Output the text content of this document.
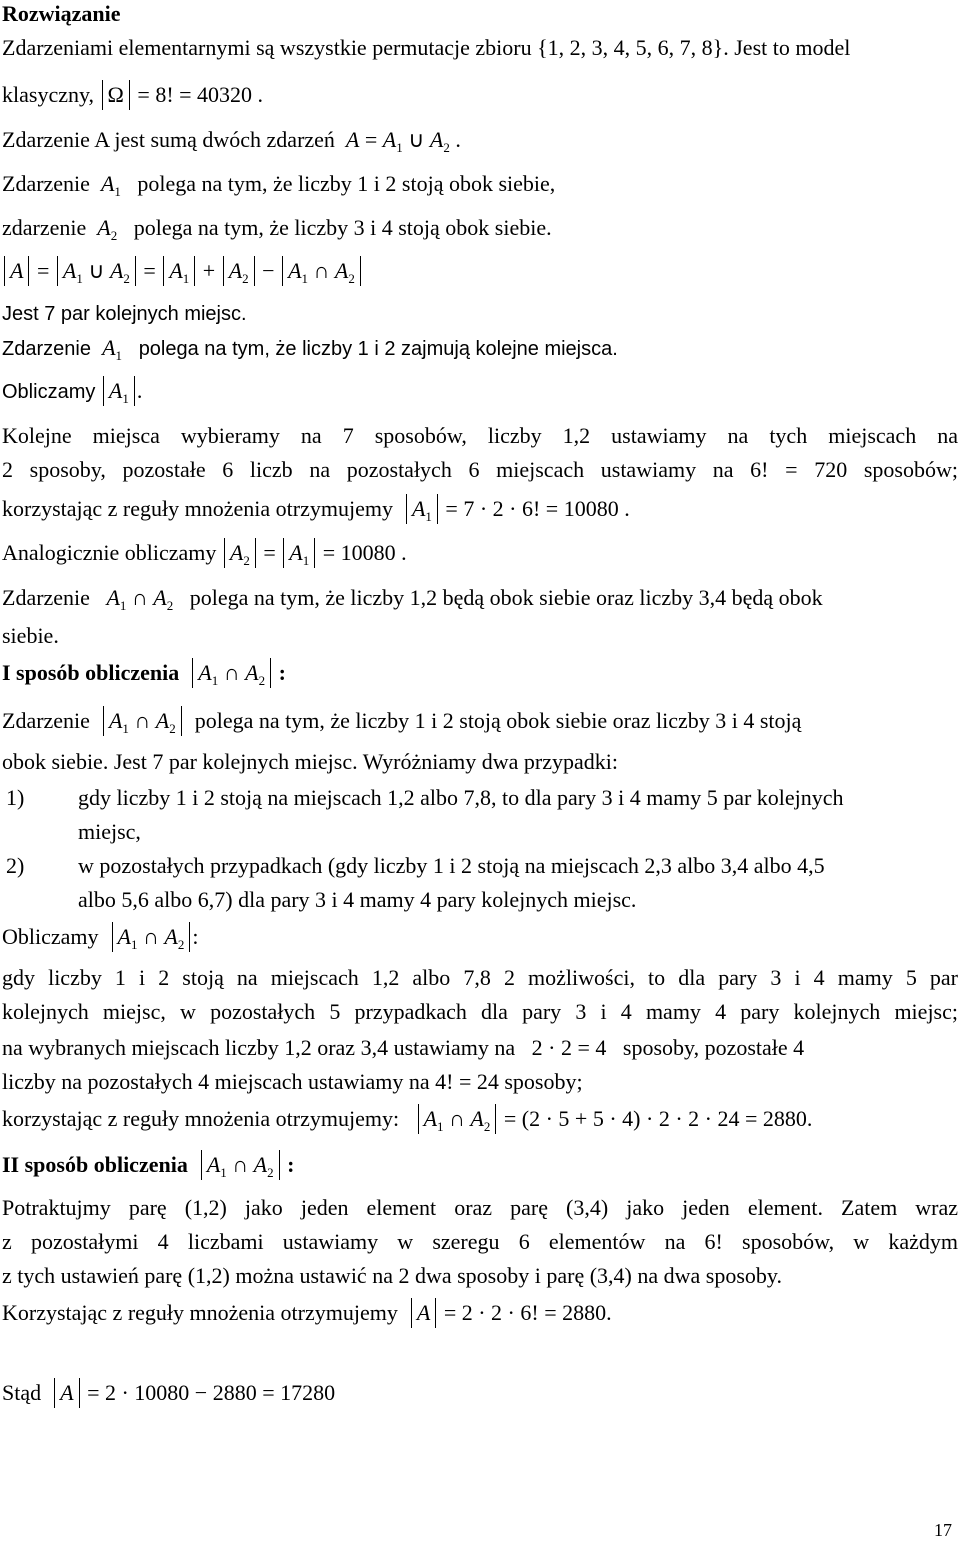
Rozwiązanie
Zdarzeniami elementarnymi są wszystkie permutacje zbioru {1, 2, 3, 4, 5, 6, 7, 8}. Jest to model
klasyczny, Ω = 8! = 40320 .
Zdarzenie A jest sumą dwóch zdarzeń $A = A_1$ ∪ $A_2$ .
Zdarzenie $A_1$ polega na tym, że liczby 1 i 2 stoją obok siebie,
zdarzenie $A_2$ polega na tym, że liczby 3 i 4 stoją obok siebie.
$A = A_1$ ∪ $A_2 = A_1 + A_2 - A_1$ ∩ $A_2$
Jest 7 par kolejnych miejsc.
Zdarzenie $A_1$ polega na tym, że liczby 1 i 2 zajmują kolejne miejsca.
Obliczamy $A_1$ .
Kolejne miejsca wybieramy na 7 sposobów, liczby 1,2 ustawiamy na tych miejscach na
2 sposoby, pozostałe 6 liczb na pozostałych 6 miejscach ustawiamy na 6! = 720 sposobów;
korzystając z reguły mnożenia otrzymujemy $A_1 = 7 \cdot 2 \cdot 6$! = 10080 .
Analogicznie obliczamy $A_2 = A_1 = 10080$ .
Zdarzenie $A_1$ ∩ $A_2$ polega na tym, że liczby 1,2 będą obok siebie oraz liczby 3,4 będą obok
siebie.
I sposób obliczenia $A_1$ ∩ $A_2$ :
Zdarzenie $A_1$ ∩ $A_2$ polega na tym, że liczby 1 i 2 stoją obok siebie oraz liczby 3 i 4 stoją
obok siebie. Jest 7 par kolejnych miejsc. Wyróżniamy dwa przypadki:
1) gdy liczby 1 i 2 stoją na miejscach 1,2 albo 7,8, to dla pary 3 i 4 mamy 5 par kolejnych
miejsc,
2) w pozostałych przypadkach (gdy liczby 1 i 2 stoją na miejscach 2,3 albo 3,4 albo 4,5
albo 5,6 albo 6,7) dla pary 3 i 4 mamy 4 pary kolejnych miejsc.
Obliczamy $A_1$ ∩ $A_2$ :
gdy liczby 1 i 2 stoją na miejscach 1,2 albo 7,8 2 możliwości, to dla pary 3 i 4 mamy 5 par
kolejnych miejsc, w pozostałych 5 przypadkach dla pary 3 i 4 mamy 4 pary kolejnych miejsc;
na wybranych miejscach liczby 1,2 oraz 3,4 ustawiamy na 2 · 2 = 4 sposoby, pozostałe 4
liczby na pozostałych 4 miejscach ustawiamy na 4! = 24 sposoby;
korzystając z reguły mnożenia otrzymujemy: $A_1$ ∩ $A_2 = (2 \cdot 5 + 5 \cdot 4) \cdot 2 \cdot 2 \cdot 24 = 2880$.
II sposób obliczenia $A_1$ ∩ $A_2$ :
Potraktujmy parę (1,2) jako jeden element oraz parę (3,4) jako jeden element. Zatem wraz
z pozostałymi 4 liczbami ustawiamy w szeregu 6 elementów na 6! sposobów, w każdym
z tych ustawień parę (1,2) można ustawić na 2 dwa sposoby i parę (3,4) na dwa sposoby.
Korzystając z reguły mnożenia otrzymujemy A = 2 · 2 · 6! = 2880.
Stąd A = 2 · 10080 − 2880 = 17280
17
